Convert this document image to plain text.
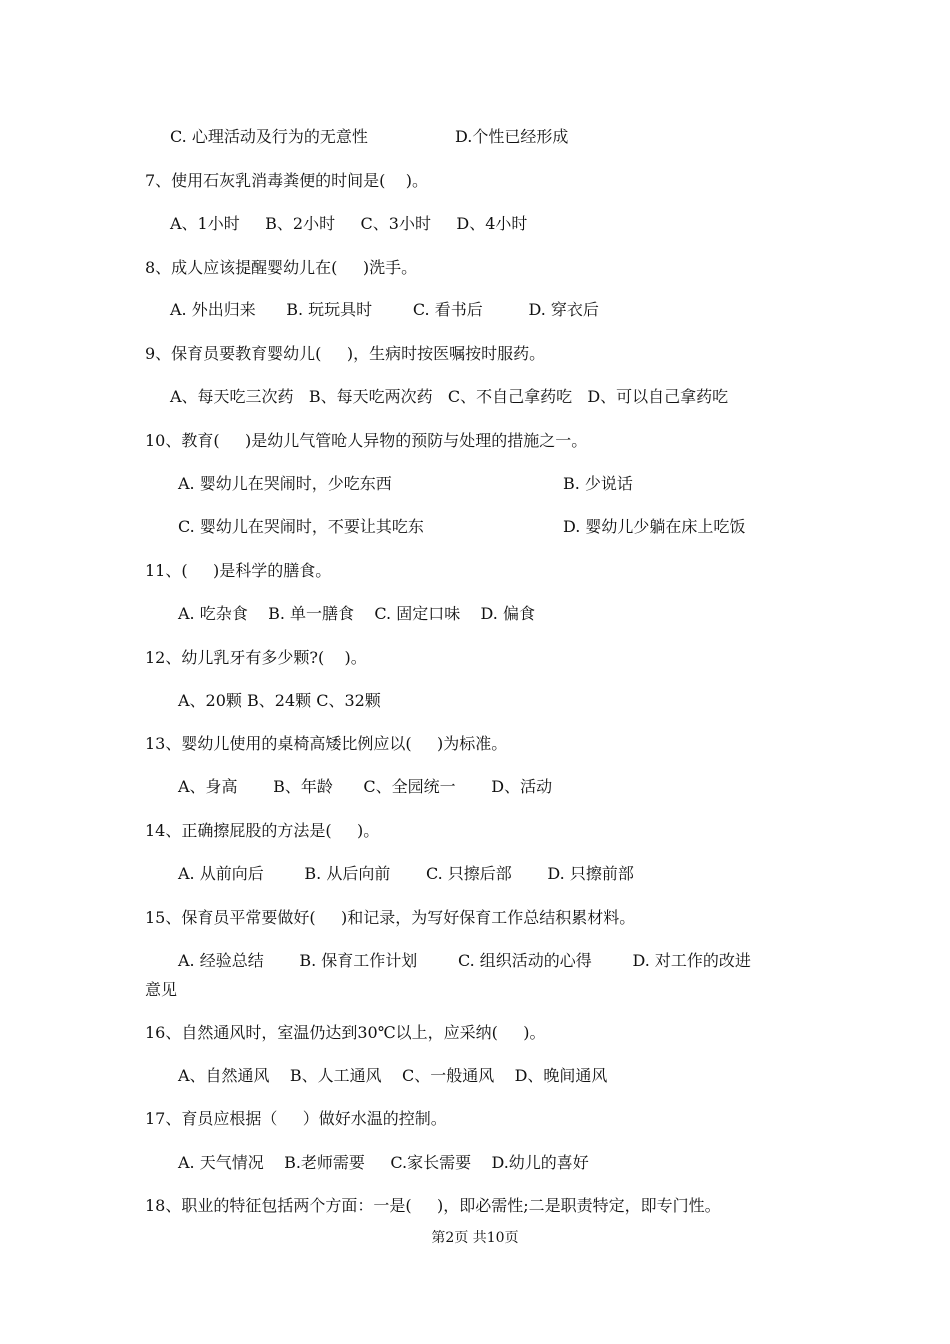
C. 心理活动及行为的无意性	D.个性已经形成
7、使用石灰乳消毒粪便的时间是(    )。
A、1小时     B、2小时     C、3小时     D、4小时
8、成人应该提醒婴幼儿在(     )洗手。
A. 外出归来      B. 玩玩具时        C. 看书后         D. 穿衣后
9、保育员要教育婴幼儿(     )，生病时按医嘱按时服药。
A、每天吃三次药   B、每天吃两次药   C、不自己拿药吃   D、可以自己拿药吃
10、教育(     )是幼儿气管呛人异物的预防与处理的措施之一。
A. 婴幼儿在哭闹时，少吃东西	B. 少说话
C. 婴幼儿在哭闹时，不要让其吃东	D. 婴幼儿少躺在床上吃饭
11、(     )是科学的膳食。
A. 吃杂食    B. 单一膳食    C. 固定口味    D. 偏食
12、幼儿乳牙有多少颗?(    )。
A、20颗 B、24颗 C、32颗
13、婴幼儿使用的桌椅高矮比例应以(     )为标准。
A、身高       B、年龄      C、全园统一       D、活动
14、正确擦屁股的方法是(     )。
A. 从前向后        B. 从后向前       C. 只擦后部       D. 只擦前部
15、保育员平常要做好(     )和记录，为写好保育工作总结积累材料。
A. 经验总结       B. 保育工作计划        C. 组织活动的心得        D. 对工作的改进
意见
16、自然通风时，室温仍达到30℃以上，应采纳(     )。
A、自然通风    B、人工通风    C、一般通风    D、晚间通风
17、育员应根据（     ）做好水温的控制。
A. 天气情况    B.老师需要     C.家长需要    D.幼儿的喜好
18、职业的特征包括两个方面：一是(     )，即必需性;二是职责特定，即专门性。
第2页 共10页
